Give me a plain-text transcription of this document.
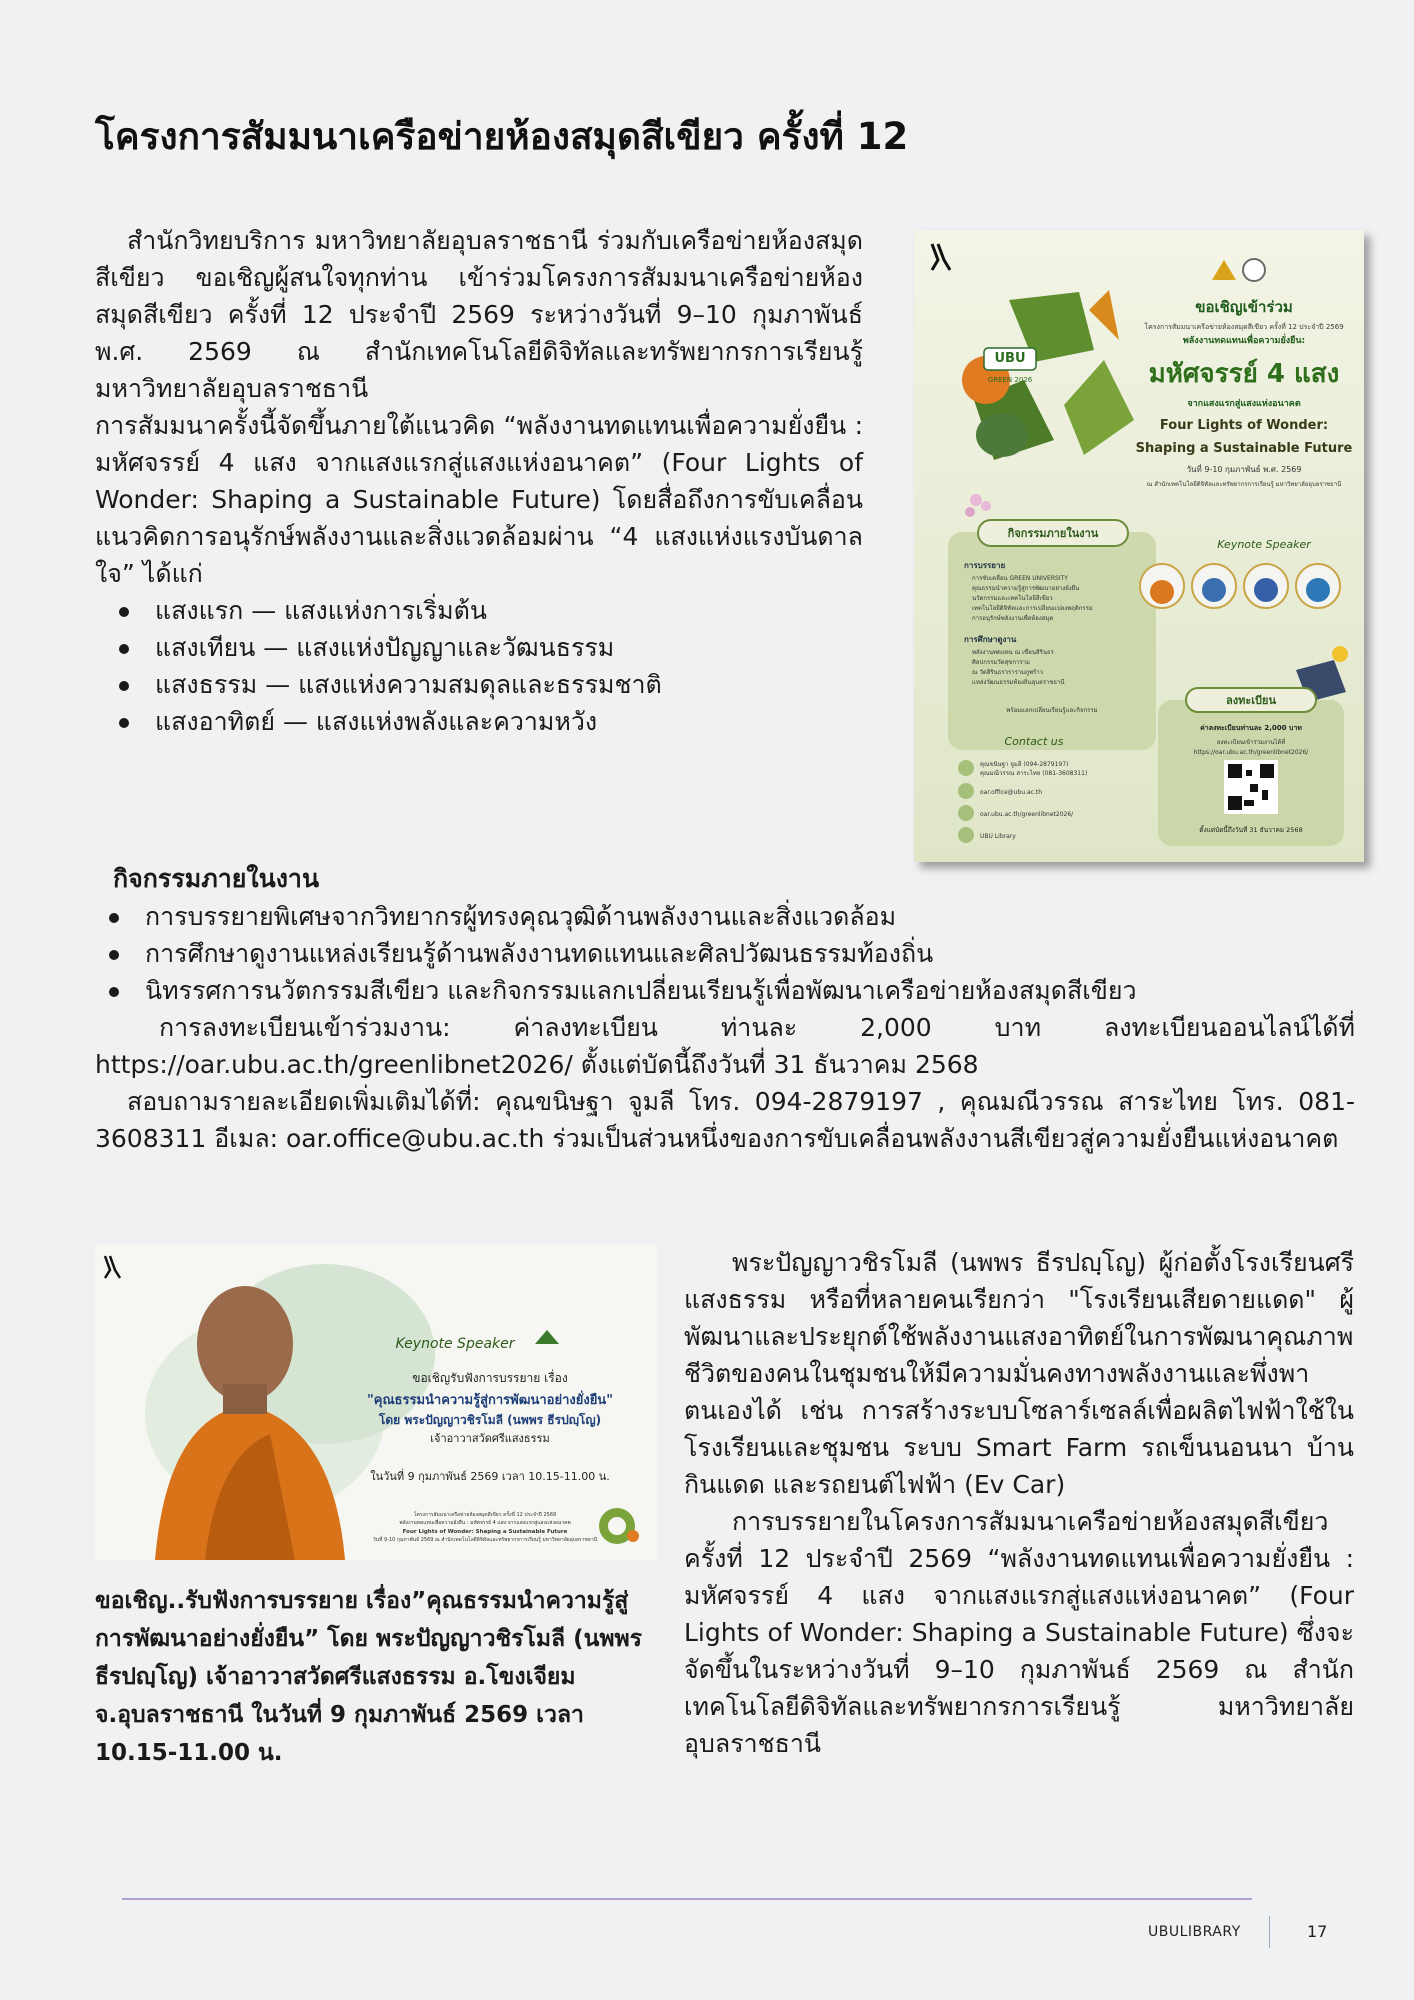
โครงการสัมมนาเครือข่ายห้องสมุดสีเขียว ครั้งที่ 12

สำนักวิทยบริการ มหาวิทยาลัยอุบลราชธานี ร่วมกับเครือข่ายห้องสมุดสีเขียว ขอเชิญผู้สนใจทุกท่าน เข้าร่วมโครงการสัมมนาเครือข่ายห้องสมุดสีเขียว ครั้งที่ 12 ประจำปี 2569 ระหว่างวันที่ 9–10 กุมภาพันธ์ พ.ศ. 2569 ณ สำนักเทคโนโลยีดิจิทัลและทรัพยากรการเรียนรู้ มหาวิทยาลัยอุบลราชธานี

การสัมมนาครั้งนี้จัดขึ้นภายใต้แนวคิด “พลังงานทดแทนเพื่อความยั่งยืน : มหัศจรรย์ 4 แสง จากแสงแรกสู่แสงแห่งอนาคต” (Four Lights of Wonder: Shaping a Sustainable Future) โดยสื่อถึงการขับเคลื่อนแนวคิดการอนุรักษ์พลังงานและสิ่งแวดล้อมผ่าน “4 แสงแห่งแรงบันดาลใจ” ได้แก่

แสงแรก — แสงแห่งการเริ่มต้น
แสงเทียน — แสงแห่งปัญญาและวัฒนธรรม
แสงธรรม — แสงแห่งความสมดุลและธรรมชาติ
แสงอาทิตย์ — แสงแห่งพลังและความหวัง
UBU
GREEN 2026
ขอเชิญเข้าร่วม
โครงการสัมมนาเครือข่ายห้องสมุดสีเขียว ครั้งที่ 12 ประจำปี 2569
พลังงานทดแทนเพื่อความยั่งยืน:
มหัศจรรย์ 4 แสง
จากแสงแรกสู่แสงแห่งอนาคต
Four Lights of Wonder:
Shaping a Sustainable Future
วันที่ 9-10 กุมภาพันธ์ พ.ศ. 2569
ณ สำนักเทคโนโลยีดิจิทัลและทรัพยากรการเรียนรู้ มหาวิทยาลัยอุบลราชธานี
กิจกรรมภายในงาน
การบรรยาย
การขับเคลื่อน GREEN UNIVERSITY
คุณธรรมนำความรู้สู่การพัฒนาอย่างยั่งยืน
นวัตกรรมและเทคโนโลยีสีเขียว
เทคโนโลยีดิจิทัลและการเปลี่ยนแปลงพฤติกรรม
การอนุรักษ์พลังงานเพื่อห้องสมุด
การศึกษาดูงาน
พลังงานทดแทน ณ เขื่อนสิรินธร
ศิลปกรรมวัดสุขการาม
ณ วัดสิรินธรวรารามภูพร้าว
แหล่งวัฒนธรรมท้องถิ่นอุบลราชธานี
พร้อมแลกเปลี่ยนเรียนรู้และกิจกรรม
Keynote Speaker
ลงทะเบียน
ค่าลงทะเบียนท่านละ 2,000 บาท
ลงทะเบียนเข้าร่วมงานได้ที่
https://oar.ubu.ac.th/greenlibnet2026/
ตั้งแต่บัดนี้ถึงวันที่ 31 ธันวาคม 2568
Contact us
คุณขนิษฐา จูมลี (094-2879197)
คุณมณีวรรณ สาระไทย (081-3608311)
oar.office@ubu.ac.th
oar.ubu.ac.th/greenlibnet2026/
UBU Library

กิจกรรมภายในงาน

การบรรยายพิเศษจากวิทยากรผู้ทรงคุณวุฒิด้านพลังงานและสิ่งแวดล้อม
การศึกษาดูงานแหล่งเรียนรู้ด้านพลังงานทดแทนและศิลปวัฒนธรรมท้องถิ่น
นิทรรศการนวัตกรรมสีเขียว และกิจกรรมแลกเปลี่ยนเรียนรู้เพื่อพัฒนาเครือข่ายห้องสมุดสีเขียว

การลงทะเบียนเข้าร่วมงาน: ค่าลงทะเบียน ท่านละ 2,000 บาท ลงทะเบียนออนไลน์ได้ที่ https://oar.ubu.ac.th/greenlibnet2026/ ตั้งแต่บัดนี้ถึงวันที่ 31 ธันวาคม 2568

สอบถามรายละเอียดเพิ่มเติมได้ที่: คุณขนิษฐา จูมลี โทร. 094-2879197 , คุณมณีวรรณ สาระไทย โทร. 081-3608311 อีเมล: oar.office@ubu.ac.th ร่วมเป็นส่วนหนึ่งของการขับเคลื่อนพลังงานสีเขียวสู่ความยั่งยืนแห่งอนาคต

Keynote Speaker
ขอเชิญรับฟังการบรรยาย เรื่อง
"คุณธรรมนำความรู้สู่การพัฒนาอย่างยั่งยืน"
โดย พระปัญญาวชิรโมลี (นพพร ธีรปญฺโญ)
เจ้าอาวาสวัดศรีแสงธรรม
ในวันที่ 9 กุมภาพันธ์ 2569 เวลา 10.15-11.00 น.
โครงการสัมมนาเครือข่ายห้องสมุดสีเขียว ครั้งที่ 12 ประจำปี 2569
พลังงานทดแทนเพื่อความยั่งยืน : มหัศจรรย์ 4 แสง จากแสงแรกสู่แสงแห่งอนาคต
Four Lights of Wonder: Shaping a Sustainable Future
วันที่ 9-10 กุมภาพันธ์ 2569 ณ สำนักเทคโนโลยีดิจิทัลและทรัพยากรการเรียนรู้ มหาวิทยาลัยอุบลราชธานี

ขอเชิญ..รับฟังการบรรยาย เรื่อง”คุณธรรมนำความรู้สู่การพัฒนาอย่างยั่งยืน” โดย พระปัญญาวชิรโมลี (นพพร ธีรปญฺโญ) เจ้าอาวาสวัดศรีแสงธรรม อ.โขงเจียม จ.อุบลราชธานี ในวันที่ 9 กุมภาพันธ์ 2569 เวลา 10.15-11.00 น.

พระปัญญาวชิรโมลี (นพพร ธีรปญฺโญ) ผู้ก่อตั้งโรงเรียนศรีแสงธรรม หรือที่หลายคนเรียกว่า "โรงเรียนเสียดายแดด" ผู้พัฒนาและประยุกต์ใช้พลังงานแสงอาทิตย์ในการพัฒนาคุณภาพชีวิตของคนในชุมชนให้มีความมั่นคงทางพลังงานและพึ่งพาตนเองได้ เช่น การสร้างระบบโซลาร์เซลล์เพื่อผลิตไฟฟ้าใช้ในโรงเรียนและชุมชน ระบบ Smart Farm รถเข็นนอนนา บ้านกินแดด และรถยนต์ไฟฟ้า (Ev Car)

การบรรยายในโครงการสัมมนาเครือข่ายห้องสมุดสีเขียว ครั้งที่ 12 ประจำปี 2569 “พลังงานทดแทนเพื่อความยั่งยืน : มหัศจรรย์ 4 แสง จากแสงแรกสู่แสงแห่งอนาคต” (Four Lights of Wonder: Shaping a Sustainable Future) ซึ่งจะจัดขึ้นในระหว่างวันที่ 9–10 กุมภาพันธ์ 2569 ณ สำนักเทคโนโลยีดิจิทัลและทรัพยากรการเรียนรู้ มหาวิทยาลัยอุบลราชธานี

UBULIBRARY	17
